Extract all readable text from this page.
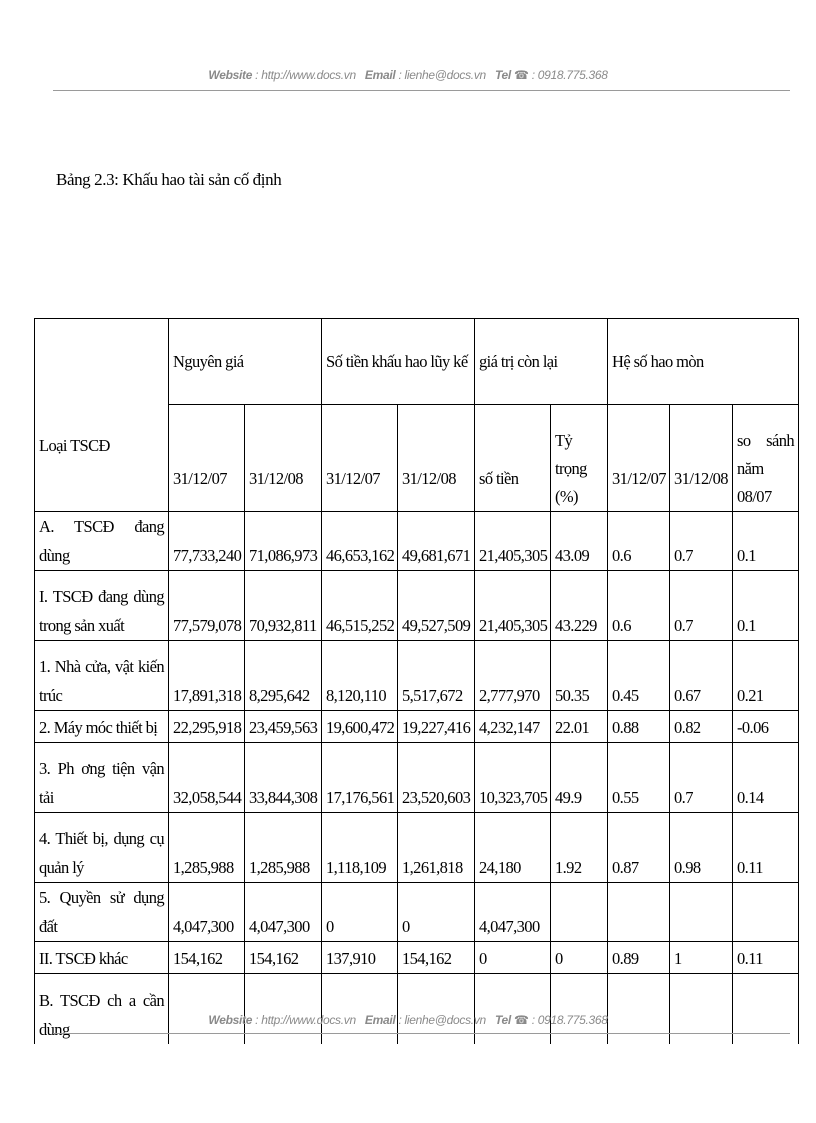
Website : http://www.docs.vn Email : lienhe@docs.vn Tel ☎ : 0918.775.368
Bảng 2.3: Khấu hao tài sản cố định
Loại TSCĐ	Nguyên giá		Số tiền khấu hao lũy kế		giá trị còn lại		Hệ số hao mòn		
	31/12/07	31/12/08	31/12/07	31/12/08	số tiền	Tỷ trọng (%)	31/12/07	31/12/08	so sánh năm 08/07
A. TSCĐ đang dùng	77,733,240	71,086,973	46,653,162	49,681,671	21,405,305	43.09	0.6	0.7	0.1
I. TSCĐ đang dùng trong sản xuất	77,579,078	70,932,811	46,515,252	49,527,509	21,405,305	43.229	0.6	0.7	0.1
1. Nhà cửa, vật kiến trúc	17,891,318	8,295,642	8,120,110	5,517,672	2,777,970	50.35	0.45	0.67	0.21
2. Máy móc thiết bị	22,295,918	23,459,563	19,600,472	19,227,416	4,232,147	22.01	0.88	0.82	-0.06
3. Ph ơng tiện vận tải	32,058,544	33,844,308	17,176,561	23,520,603	10,323,705	49.9	0.55	0.7	0.14
4. Thiết bị, dụng cụ quản lý	1,285,988	1,285,988	1,118,109	1,261,818	24,180	1.92	0.87	0.98	0.11
5. Quyền sử dụng đất	4,047,300	4,047,300	0	0	4,047,300				
II. TSCĐ khác	154,162	154,162	137,910	154,162	0	0	0.89	1	0.11
B. TSCĐ ch a cần dùng										Website : http://www.docs.vn Email : lienhe@docs.vn Tel ☎ : 0918.775.368
